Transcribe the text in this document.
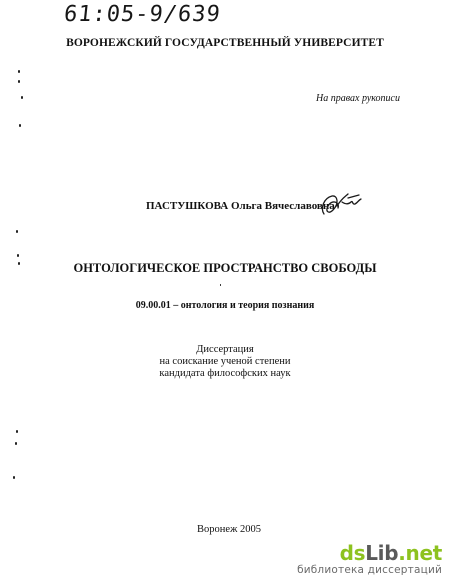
61:05-9/639
ВОРОНЕЖСКИЙ ГОСУДАРСТВЕННЫЙ УНИВЕРСИТЕТ
На правах рукописи
ПАСТУШКОВА Ольга Вячеславовна
ОНТОЛОГИЧЕСКОЕ ПРОСТРАНСТВО СВОБОДЫ
09.00.01 – онтология и теория познания
Диссертация
на соискание ученой степени
кандидата философских наук
Воронеж 2005
dsLib.net
библиотека диссертаций
